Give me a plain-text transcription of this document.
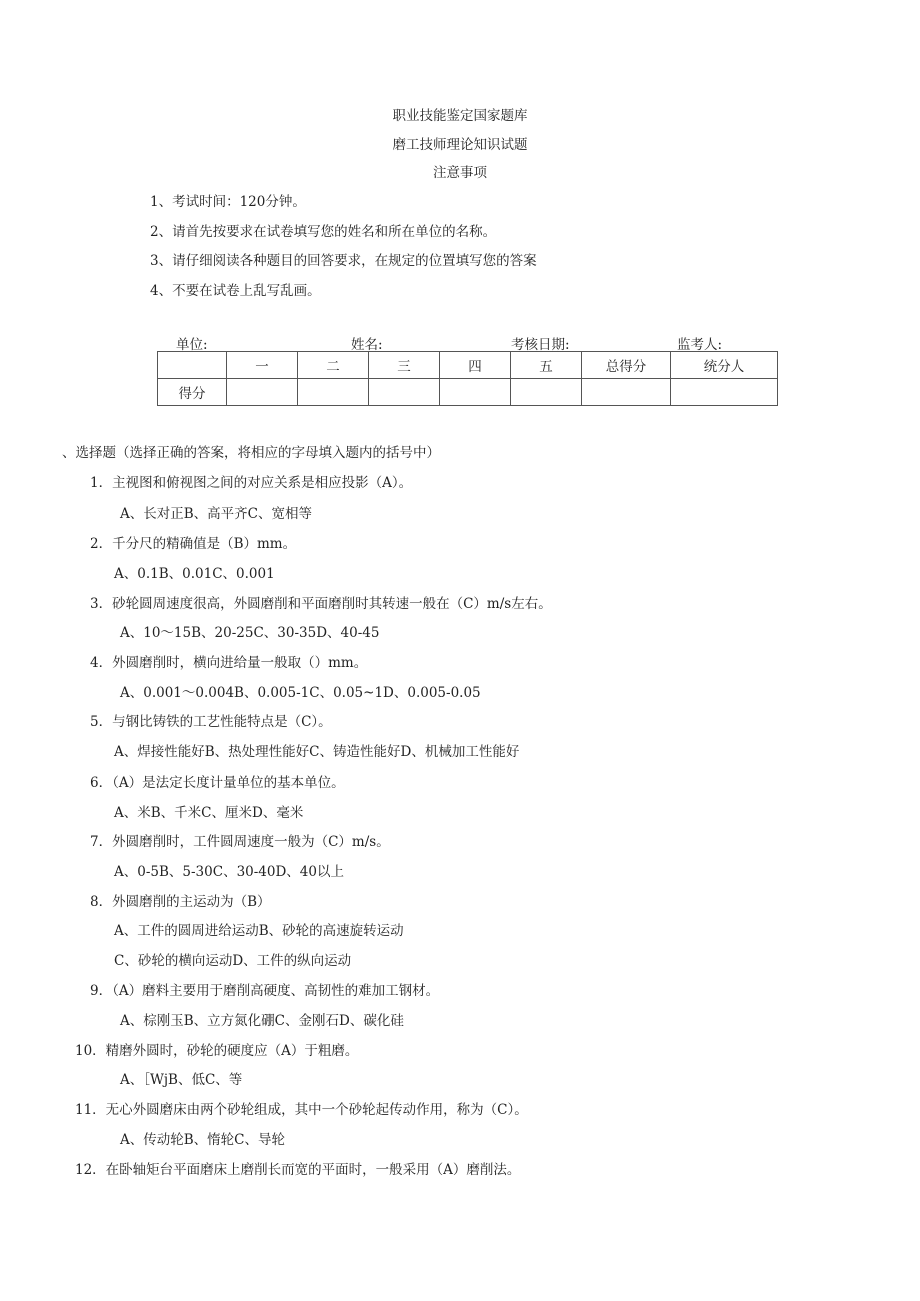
职业技能鉴定国家题库
磨工技师理论知识试题
注意事项
1、考试时间：120分钟。
2、请首先按要求在试卷填写您的姓名和所在单位的名称。
3、请仔细阅读各种题目的回答要求，在规定的位置填写您的答案
4、不要在试卷上乱写乱画。
单位:	姓名:	考核日期:	监考人:
	一	二	三	四	五	总得分	统分人
得分							
、选择题（选择正确的答案，将相应的字母填入题内的括号中）
1．主视图和俯视图之间的对应关系是相应投影（A）。
A、长对正B、高平齐C、宽相等
2．千分尺的精确值是（B）mm。
A、0.1B、0.01C、0.001
3．砂轮圆周速度很高，外圆磨削和平面磨削时其转速一般在（C）m/s左右。
A、10～15B、20-25C、30-35D、40-45
4．外圆磨削时，横向进给量一般取（）mm。
A、0.001～0.004B、0.005-1C、0.05~1D、0.005-0.05
5．与钢比铸铁的工艺性能特点是（C）。
A、焊接性能好B、热处理性能好C、铸造性能好D、机械加工性能好
6．（A）是法定长度计量单位的基本单位。
A、米B、千米C、厘米D、毫米
7．外圆磨削时，工件圆周速度一般为（C）m/s。
A、0-5B、5-30C、30-40D、40以上
8．外圆磨削的主运动为（B）
A、工件的圆周进给运动B、砂轮的高速旋转运动
C、砂轮的横向运动D、工件的纵向运动
9．（A）磨料主要用于磨削高硬度、高韧性的难加工钢材。
A、棕刚玉B、立方氮化硼C、金刚石D、碳化硅
10．精磨外圆时，砂轮的硬度应（A）于粗磨。
A、［WjB、低C、等
11．无心外圆磨床由两个砂轮组成，其中一个砂轮起传动作用，称为（C）。
A、传动轮B、惰轮C、导轮
12．在卧轴矩台平面磨床上磨削长而宽的平面时，一般采用（A）磨削法。
